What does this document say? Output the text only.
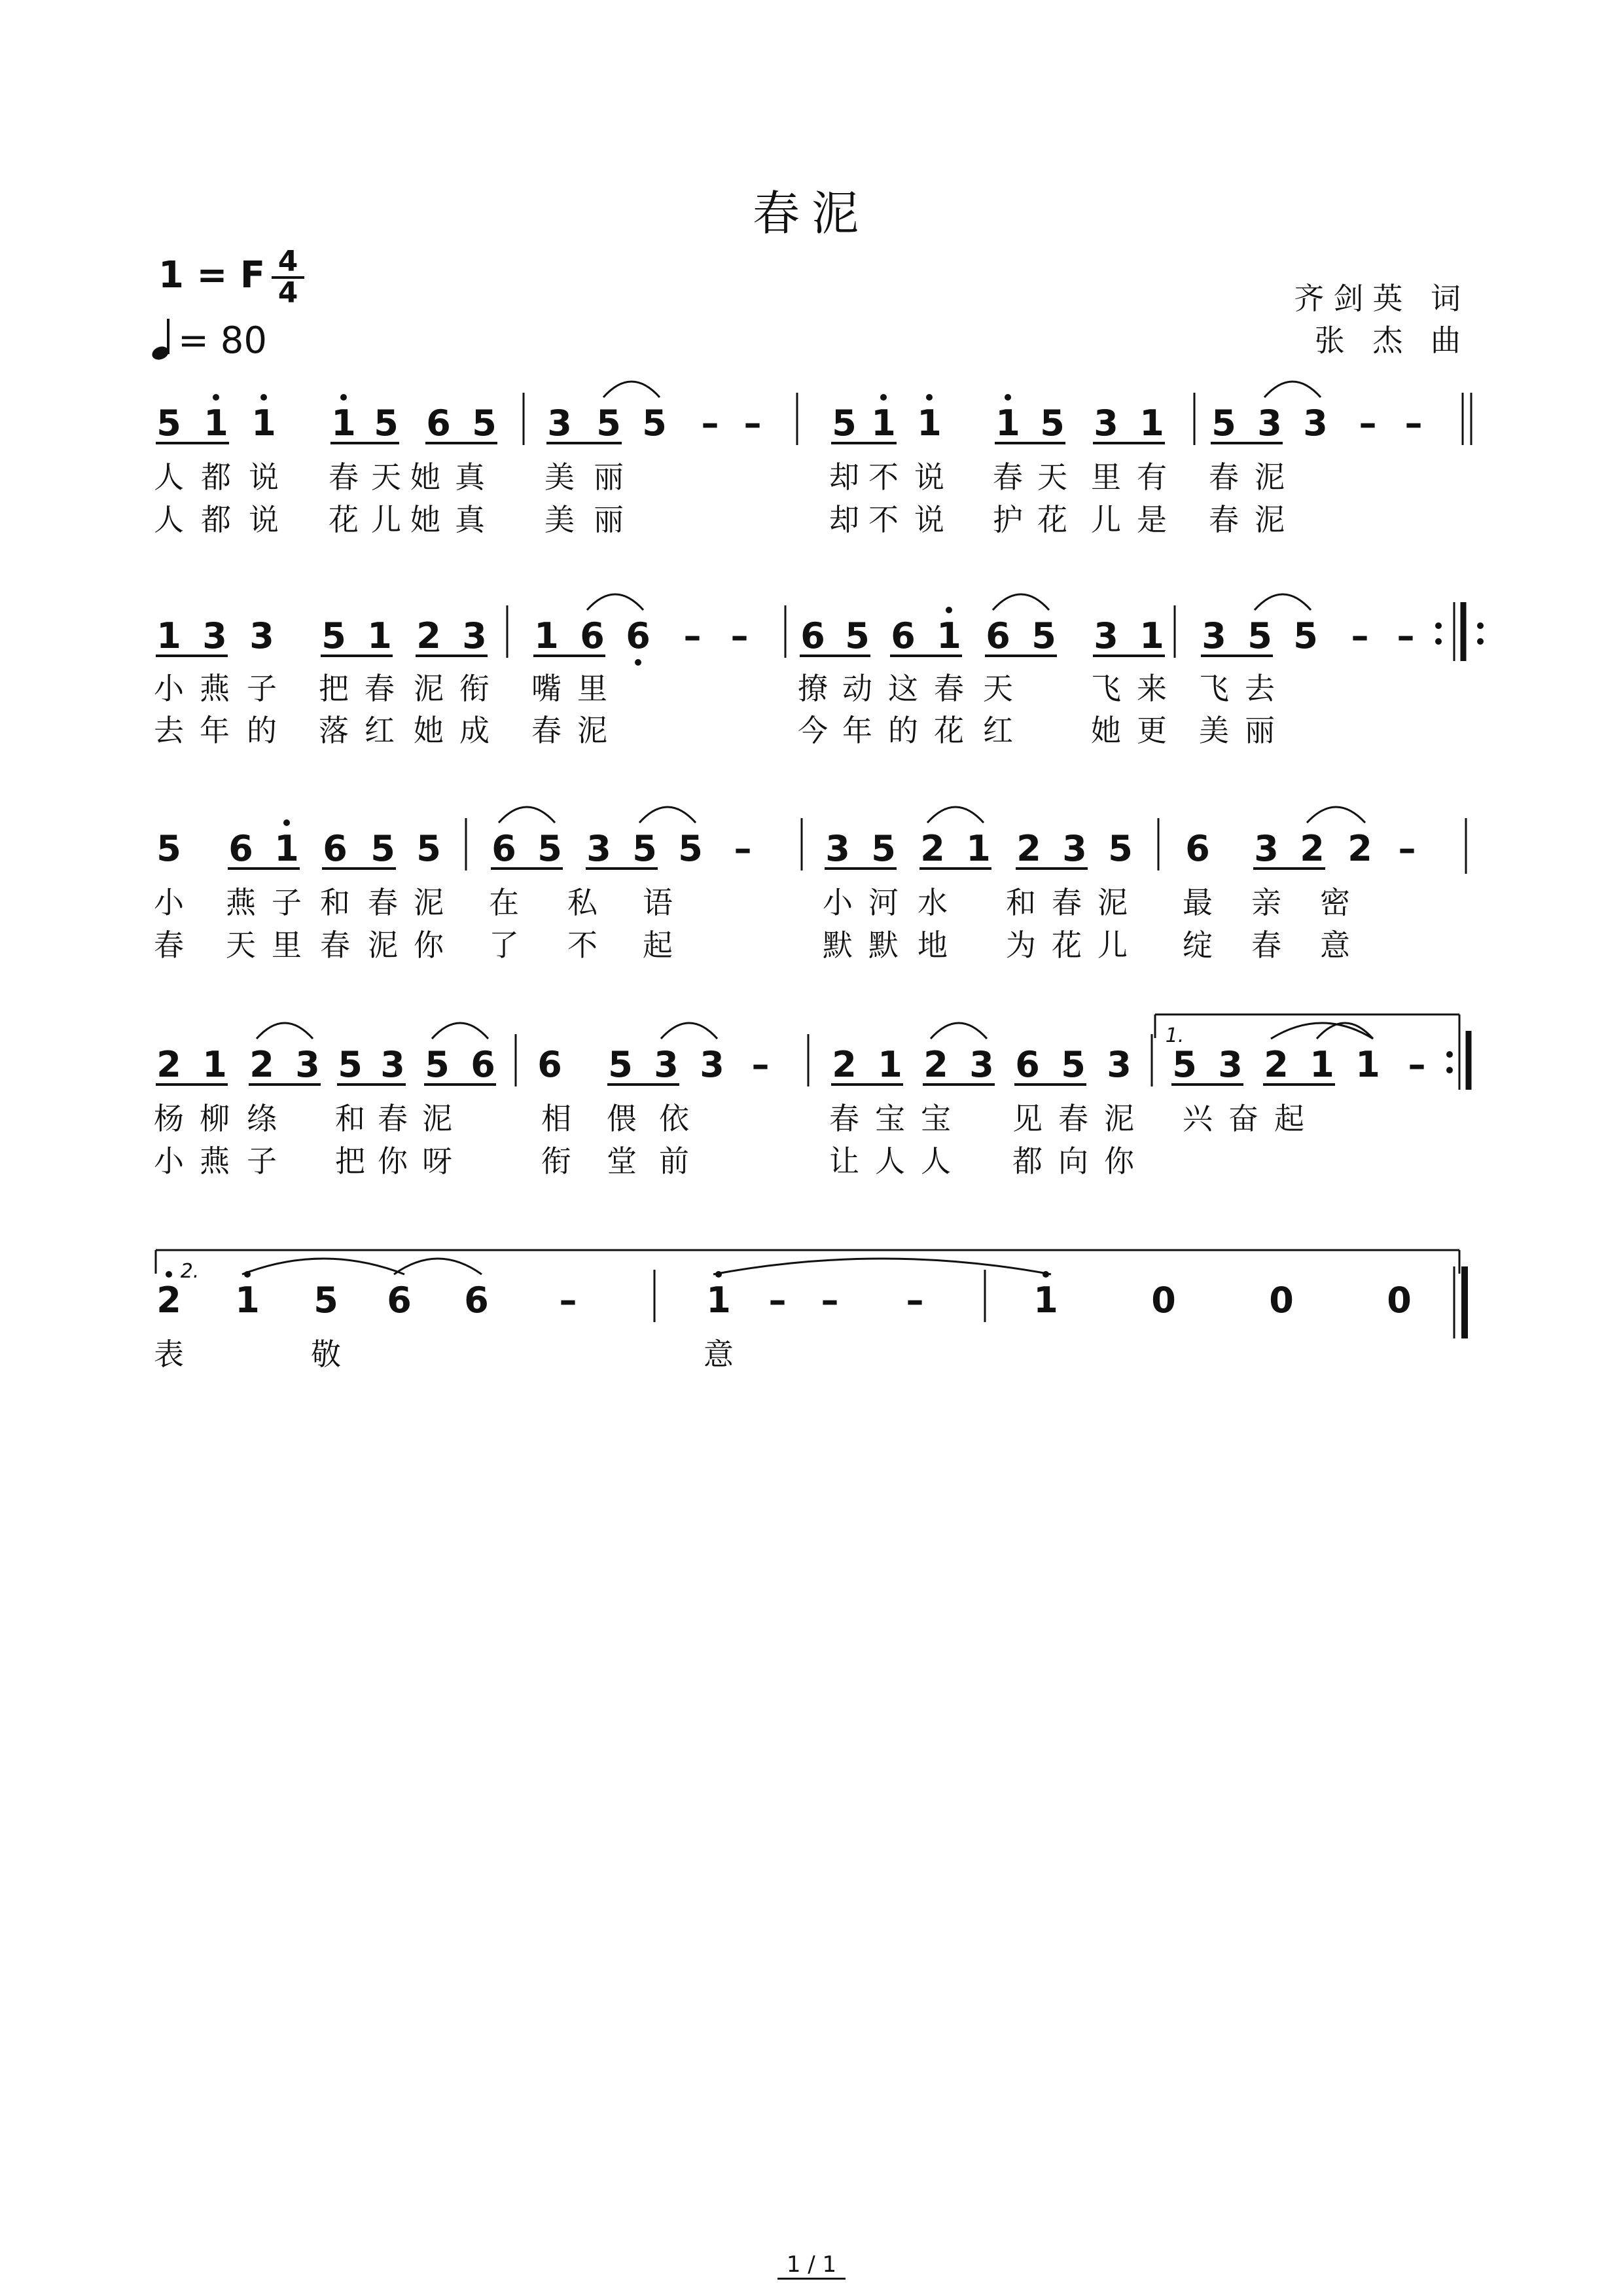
春泥
1 = F 4
4
= 80
齐剑英 词
张 杰 曲
5 1 1 1 5 6 5 3 5 5 – – 5 1 1 1 5 3 1 5 3 3 – –
人 都 说 春 天 她 真 美 丽	却 不 说 春 天 里 有 春 泥
人 都 说 花 儿 她 真 美 丽	却 不 说 护 花 儿 是 春 泥
1 3 3 5 1 2 3 1 6 6 – – 6 5 6 1 6 5 3 1 3 5 5 – –
小 燕 子 把 春 泥 衔 嘴 里	撩 动 这 春 天	飞 来 飞 去
去 年 的 落 红 她 成 春 泥	今 年 的 花 红	她 更 美 丽
5 6 1 6 5 5 6 5 3 5 5 – 3 5 2 1 2 3 5 6 3 2 2 –
小 燕 子 和 春 泥 在 私 语	小 河 水 和 春 泥 最 亲 密
春 天 里 春 泥 你 了 不 起	默 默 地 为 花 儿 绽 春 意
2 1 2 3 5 3 5 6 6 5 3 3 – 2 1 2 3 6 5 3 5 3 2 1 1 –
杨 柳 绦 和 春 泥	相 偎 依	春 宝 宝 见 春 泥 兴 奋 起
小 燕 子 把 你 呀	衔 堂 前	让 人 人 都 向 你
2 1 5 6 6 –	1 – – –	1	0	0	0
表	敬	意
1.
2.
1 / 1
